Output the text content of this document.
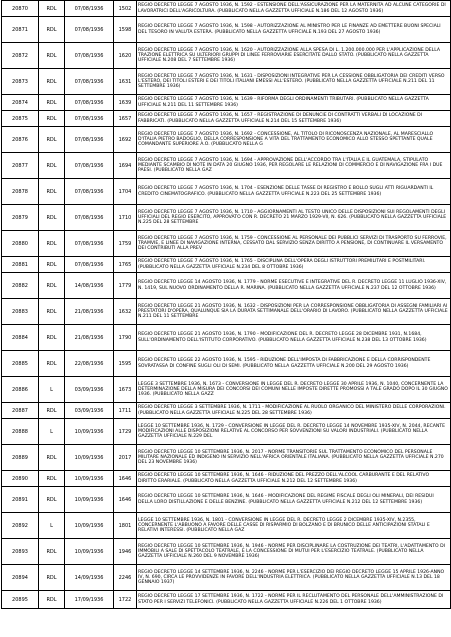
20870	RDL	07/08/1936	1502	REGIO DECRETO LEGGE 7 AGOSTO 1936, N. 1592 - ESTENSIONE DELL'ASSICURAZIONE PER LA MATERNITA AD ALCUNE CATEGORIE DI LAVORATRICI DELL'AGRICOLTURA. (PUBBLICATO NELLA GAZZETTA UFFICIALE N.186 DEL 12 AGOSTO 1936)
20871	RDL	07/08/1936	1598	REGIO DECRETO LEGGE 7 AGOSTO 1936, N. 1598 - AUTORIZZAZIONE AL MINISTRO PER LE FINANZE AD EMETTERE BUONI SPECIALI DEL TESORO IN VALUTA ESTERA. (PUBBLICATO NELLA GAZZETTA UFFICIALE N.193 DEL 27 AGOSTO 1936)
20872	RDL	07/08/1936	1620	REGIO DECRETO LEGGE 7 AGOSTO 1936, N. 1620 - AUTORIZZAZIONE ALLA SPESA DI L. 1.200.000.000 PER L'APPLICAZIONE DELLA TRAZIONE ELETTRICA SU ULTERIORI GRUPPI DI LINEE FERROVIARIE ESERCITATE DALLO STATO. (PUBBLICATO NELLA GAZZETTA UFFICIALE N.208 DEL 7 SETTEMBRE 1936)
20873	RDL	07/08/1936	1631	REGIO DECRETO LEGGE 7 AGOSTO 1936, N. 1631 - DISPOSIZIONI INTEGRATIVE PER LA CESSIONE OBBLIGATORIA DEI CREDITI VERSO L'ESTERO, DEI TITOLI ESTERI E DEI TITOLI ITALIANI EMESSI ALL'ESTERO. (PUBBLICATO NELLA GAZZETTA UFFICIALE N.211 DEL 11 SETTEMBRE 1936)
20874	RDL	07/08/1936	1639	REGIO DECRETO LEGGE 7 AGOSTO 1936, N. 1639 - RIFORMA DEGLI ORDINAMENTI TRIBUTARI. (PUBBLICATO NELLA GAZZETTA UFFICIALE N.211 DEL 11 SETTEMBRE 1936)
20875	RDL	07/08/1936	1657	REGIO DECRETO LEGGE 7 AGOSTO 1936, N. 1657 - REGISTRAZIONE DI DENUNCIE DI CONTRATTI VERBALI DI LOCAZIONE DI FABBRICATI. (PUBBLICATO NELLA GAZZETTA UFFICIALE N.214 DEL 15 SETTEMBRE 1936)
20876	RDL	07/08/1936	1692	REGIO DECRETO LEGGE 7 AGOSTO 1936, N. 1692 - CONCESSIONE, AL TITOLO DI RICONOSCENZA NAZIONALE, AL MARESCIALLO D'ITALIA PIETRO BADOGLIO, DELLA CORRESPONSIONE A VITA DEL TRATTAMENTO ECONOMICO ALLO STESSO SPETTANTE QUALE COMANDANTE SUPERIORE A.O. (PUBBLICATO NELLA G
20877	RDL	07/08/1936	1694	REGIO DECRETO LEGGE 7 AGOSTO 1936, N. 1694 - APPROVAZIONE DELL'ACCORDO TRA L'ITALIA E IL GUATEMALA, STIPULATO MEDIANTE SCAMBIO DI NOTE IN DATA 20 GIUGNO 1936, PER REGOLARE LE RELAZIONI DI COMMERCIO E DI NAVIGAZIONE FRA I DUE PAESI. (PUBBLICATO NELLA GAZ
20878	RDL	07/08/1936	1704	REGIO DECRETO LEGGE 7 AGOSTO 1936, N. 1704 - ESENZIONE DELLE TASSE DI REGISTRO E BOLLO SUGLI ATTI RIGUARDANTI IL CREDITO CINEMATOGRAFICO. (PUBBLICATO NELLA GAZZETTA UFFICIALE N.223 DEL 25 SETTEMBRE 1936)
20879	RDL	07/08/1936	1710	REGIO DECRETO LEGGE 7 AGOSTO 1936, N. 1710 - AGGIORNAMENTI AL TESTO UNICO DELLE DISPOSIZIONI SUI REGOLAMENTI DEGLI UFFICIALI DEL REGIO ESERCITO, APPROVATO CON R. DECRETO 21 MARZO 1929-VII, N. 626. (PUBBLICATO NELLA GAZZETTA UFFICIALE N.225 DEL 28 SETTEMBRE
20880	RDL	07/08/1936	1759	REGIO DECRETO LEGGE 7 AGOSTO 1936, N. 1759 - CONCESSIONE AL PERSONALE DEI PUBBLICI SERVIZI DI TRASPORTO SU FERROVIE, TRAMVIE, E LINEE DI NAVIGAZIONE INTERNA, CESSATO DAL SERVIZIO SENZA DIRITTO A PENSIONE, DI CONTINUARE IL VERSAMENTO DEI CONTRIBUTI ALLA PREV
20881	RDL	07/08/1936	1765	REGIO DECRETO LEGGE 7 AGOSTO 1936, N. 1765 - DISCIPLINA DELL'OPERA DEGLI ISTRUTTORI PREMILITARI E POSTMILITARI. (PUBBLICATO NELLA GAZZETTA UFFICIALE N.234 DEL 8 OTTOBRE 1936)
20882	RDL	14/08/1936	1779	REGIO DECRETO LEGGE 14 AGOSTO 1936, N. 1779 - NORME ESECUTIVE E INTEGRATIVE DEL R. DECRETO LEGGE 11 LUGLIO 1936-XIV, N. 1419, SUL NUOVO ORDINAMENTO DELLA R. MARINA. (PUBBLICATO NELLA GAZZETTA UFFICIALE N.237 DEL 12 OTTOBRE 1936)
20883	RDL	21/08/1936	1632	REGIO DECRETO LEGGE 21 AGOSTO 1936, N. 1632 - DISPOSIZIONI PER LA CORRESPONSIONE OBBLIGATORIA DI ASSEGNI FAMILIARI AI PRESTATORI D'OPERA, QUALUNQUE SIA LA DURATA SETTIMANALE DELL'ORARIO DI LAVORO. (PUBBLICATO NELLA GAZZETTA UFFICIALE N.211 DEL 11 SETTEMBRE
20884	RDL	21/08/1936	1790	REGIO DECRETO LEGGE 21 AGOSTO 1936, N. 1790 - MODIFICAZIONE DEL R. DECRETO LEGGE 28 DICEMBRE 1931, N.1684, SULL'ORDINAMENTO DELL'ISTITUTO CORPORATIVO. (PUBBLICATO NELLA GAZZETTA UFFICIALE N.238 DEL 13 OTTOBRE 1936)
20885	RDL	22/08/1936	1595	REGIO DECRETO LEGGE 22 AGOSTO 1936, N. 1595 - RIDUZIONE DELL'IMPOSTA DI FABBRICAZIONE E DELLA CORRISPONDENTE SOVRATASSA DI CONFINE SUGLI OLI DI SEMI. (PUBBLICATO NELLA GAZZETTA UFFICIALE N.200 DEL 29 AGOSTO 1936)
20886	L	03/09/1936	1673	LEGGE 3 SETTEMBRE 1936, N. 1673 - CONVERSIONE IN LEGGE DEL R. DECRETO LEGGE 30 APRILE 1936, N. 1040, CONCERNENTE LA DETERMINAZIONE DELLA MISURA DEI CONCORSI DEI COMUNI NELLE IMPOSTE DIRETTE PROMOSSI A TALE GRADO DOPO IL 30 GIUGNO 1936. (PUBBLICATO NELLA GAZZ
20887	RDL	03/09/1936	1711	REGIO DECRETO LEGGE 3 SETTEMBRE 1936, N. 1711 - MODIFICAZIONE AL RUOLO ORGANICO DEL MINISTERO DELLE CORPORAZIONI. (PUBBLICATO NELLA GAZZETTA UFFICIALE N.225 DEL 28 SETTEMBRE 1936)
20888	L	10/09/1936	1729	LEGGE 10 SETTEMBRE 1936, N. 1729 - CONVERSIONE IN LEGGE DEL R. DECRETO LEGGE 14 NOVEMBRE 1935-XIV, N. 2044, RECANTE MODIFICAZIONI ALLE DISPOSIZIONI RELATIVE AL CONCORSO PER SOVVENZIONI SU VALORI INDUSTRIALI. (PUBBLICATO NELLA GAZZETTA UFFICIALE N.229 DEL
20889	RDL	10/09/1936	2017	REGIO DECRETO LEGGE 10 SETTEMBRE 1936, N. 2017 - NORME TRANSITORIE SUL TRATTAMENTO ECONOMICO DEL PERSONALE MILITARE NAZIONALE ED INDIGENO IN SERVIZIO NELL'AFRICA ORIENTALE ITALIANA. (PUBBLICATO NELLA GAZZETTA UFFICIALE N.270 DEL 23 NOVEMBRE 1936)
20890	RDL	10/09/1936	1646	REGIO DECRETO LEGGE 10 SETTEMBRE 1936, N. 1646 - RIDUZIONE DEL PREZZO DELL'ALCOOL CARBURANTE E DEL RELATIVO DIRITTO ERARIALE. (PUBBLICATO NELLA GAZZETTA UFFICIALE N.212 DEL 12 SETTEMBRE 1936)
20891	RDL	10/09/1936	1646	REGIO DECRETO LEGGE 10 SETTEMBRE 1936, N. 1646 - MODIFICAZIONE DEL REGIME FISCALE DEGLI OLI MINERALI, DEI RESIDUI DELLA LORO DISTILLAZIONE E DELLE BENZINE. (PUBBLICATO NELLA GAZZETTA UFFICIALE N.212 DEL 12 SETTEMBRE 1936)
20892	L	10/09/1936	1801	LEGGE 10 SETTEMBRE 1936, N. 1801 - CONVERSIONE IN LEGGE DEL R. DECRETO LEGGE 2 DICEMBRE 1935-XIV, N.2355, CONCERNENTE L'ABBUONO A FAVORE DELLE CASSE DI RISPARMIO DI BOLZANO E DI BRUNICO DELLE ANTICIPAZIONI STATALI E RELATIVI INTERESSI. (PUBBLICATO NELLA GAZ
20893	RDL	10/09/1936	1946	REGIO DECRETO LEGGE 10 SETTEMBRE 1936, N. 1946 - NORME PER DISCIPLINARE LA COSTRUZIONE DEI TEATRI, L'ADATTAMENTO DI IMMOBILI A SALE DI SPETTACOLO TEATRALE, E LA CONCESSIONE DI MUTUI PER L'ESERCIZIO TEATRALE. (PUBBLICATO NELLA GAZZETTA UFFICIALE N.260 DEL 9 NOVEMBRE 1936)
20894	RDL	14/09/1936	2246	REGIO DECRETO LEGGE 14 SETTEMBRE 1936, N. 2246 - NORME PER L'ESERCIZIO DEI REGIO DECRETO LEGGE 15 APRILE 1926-ANNO IV, N. 690, CIRCA LE PROVVIDENZE IN FAVORE DELL'INDUSTRIA ELETTRICA. (PUBBLICATO NELLA GAZZETTA UFFICIALE N.13 DEL 18 GENNAIO 1937)
20895	RDL	17/09/1936	1722	REGIO DECRETO LEGGE 17 SETTEMBRE 1936, N. 1722 - NORME PER IL RECLUTAMENTO DEL PERSONALE DELL'AMMINISTRAZIONE DI STATO PER I SERVIZI TELEFONICI. (PUBBLICATO NELLA GAZZETTA UFFICIALE N.226 DEL 1 OTTOBRE 1936)
